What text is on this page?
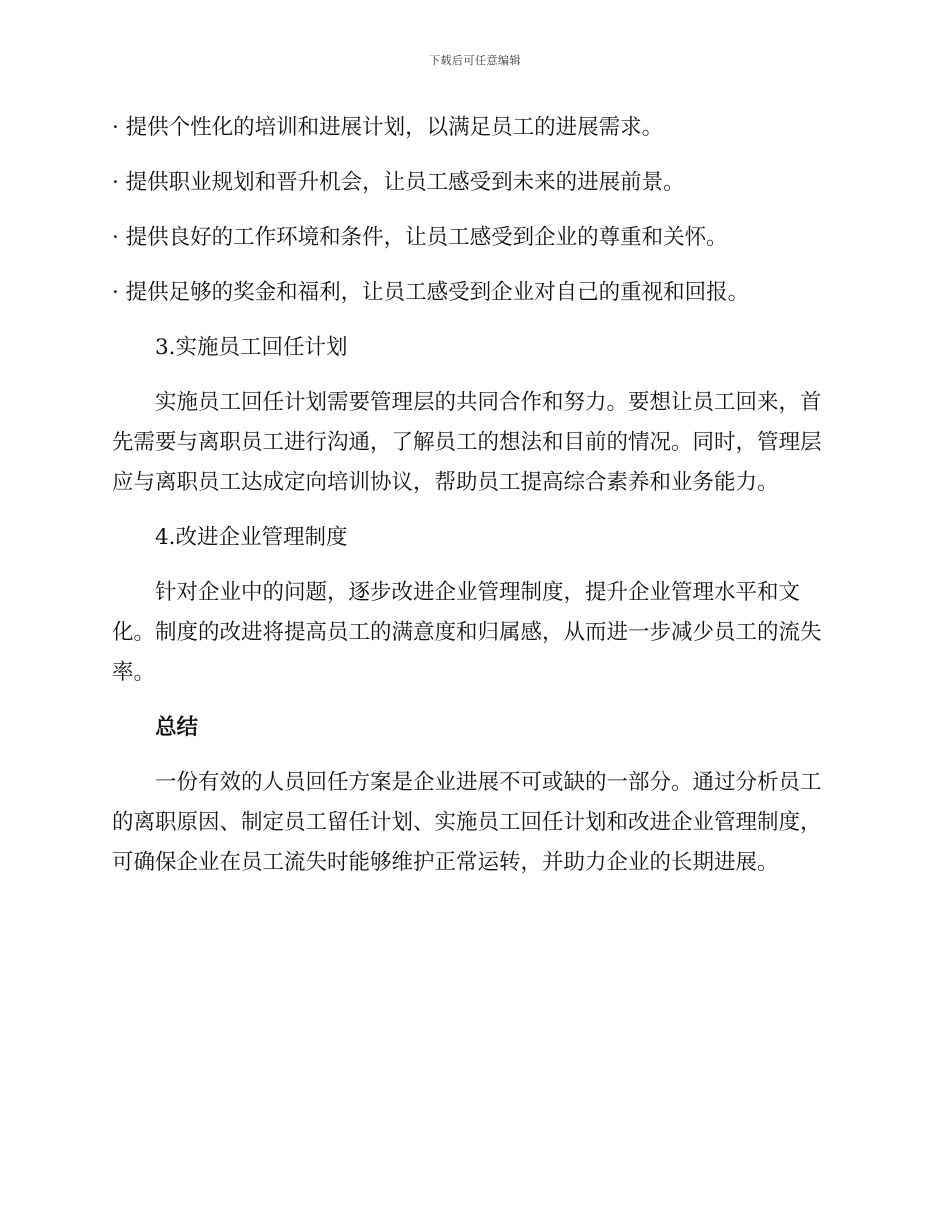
下载后可任意编辑

· 提供个性化的培训和进展计划，以满足员工的进展需求。

· 提供职业规划和晋升机会，让员工感受到未来的进展前景。

· 提供良好的工作环境和条件，让员工感受到企业的尊重和关怀。

· 提供足够的奖金和福利，让员工感受到企业对自己的重视和回报。

3.实施员工回任计划

实施员工回任计划需要管理层的共同合作和努力。要想让员工回来，首先需要与离职员工进行沟通，了解员工的想法和目前的情况。同时，管理层应与离职员工达成定向培训协议，帮助员工提高综合素养和业务能力。

4.改进企业管理制度

针对企业中的问题，逐步改进企业管理制度，提升企业管理水平和文化。制度的改进将提高员工的满意度和归属感，从而进一步减少员工的流失率。

总结

一份有效的人员回任方案是企业进展不可或缺的一部分。通过分析员工的离职原因、制定员工留任计划、实施员工回任计划和改进企业管理制度，可确保企业在员工流失时能够维护正常运转，并助力企业的长期进展。
